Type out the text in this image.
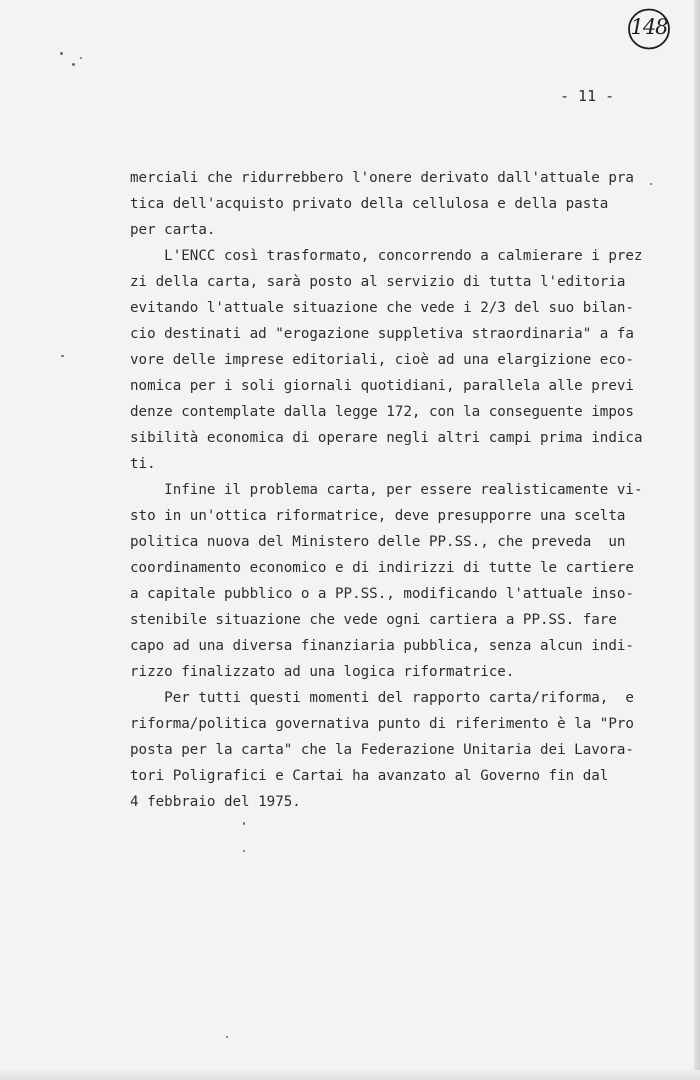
148
- 11 -
merciali che ridurrebbero l'onere derivato dall'attuale pra
tica dell'acquisto privato della cellulosa e della pasta
per carta.
L'ENCC così trasformato, concorrendo a calmierare i prez
zi della carta, sarà posto al servizio di tutta l'editoria
evitando l'attuale situazione che vede i 2/3 del suo bilan-
cio destinati ad "erogazione suppletiva straordinaria" a fa
vore delle imprese editoriali, cioè ad una elargizione eco-
nomica per i soli giornali quotidiani, parallela alle previ
denze contemplate dalla legge 172, con la conseguente impos
sibilità economica di operare negli altri campi prima indica
ti.
Infine il problema carta, per essere realisticamente vi-
sto in un'ottica riformatrice, deve presupporre una scelta
politica nuova del Ministero delle PP.SS., che preveda  un
coordinamento economico e di indirizzi di tutte le cartiere
a capitale pubblico o a PP.SS., modificando l'attuale inso-
stenibile situazione che vede ogni cartiera a PP.SS. fare
capo ad una diversa finanziaria pubblica, senza alcun indi-
rizzo finalizzato ad una logica riformatrice.
Per tutti questi momenti del rapporto carta/riforma,  e
riforma/politica governativa punto di riferimento è la "Pro
posta per la carta" che la Federazione Unitaria dei Lavora-
tori Poligrafici e Cartai ha avanzato al Governo fin dal
4 febbraio del 1975.
